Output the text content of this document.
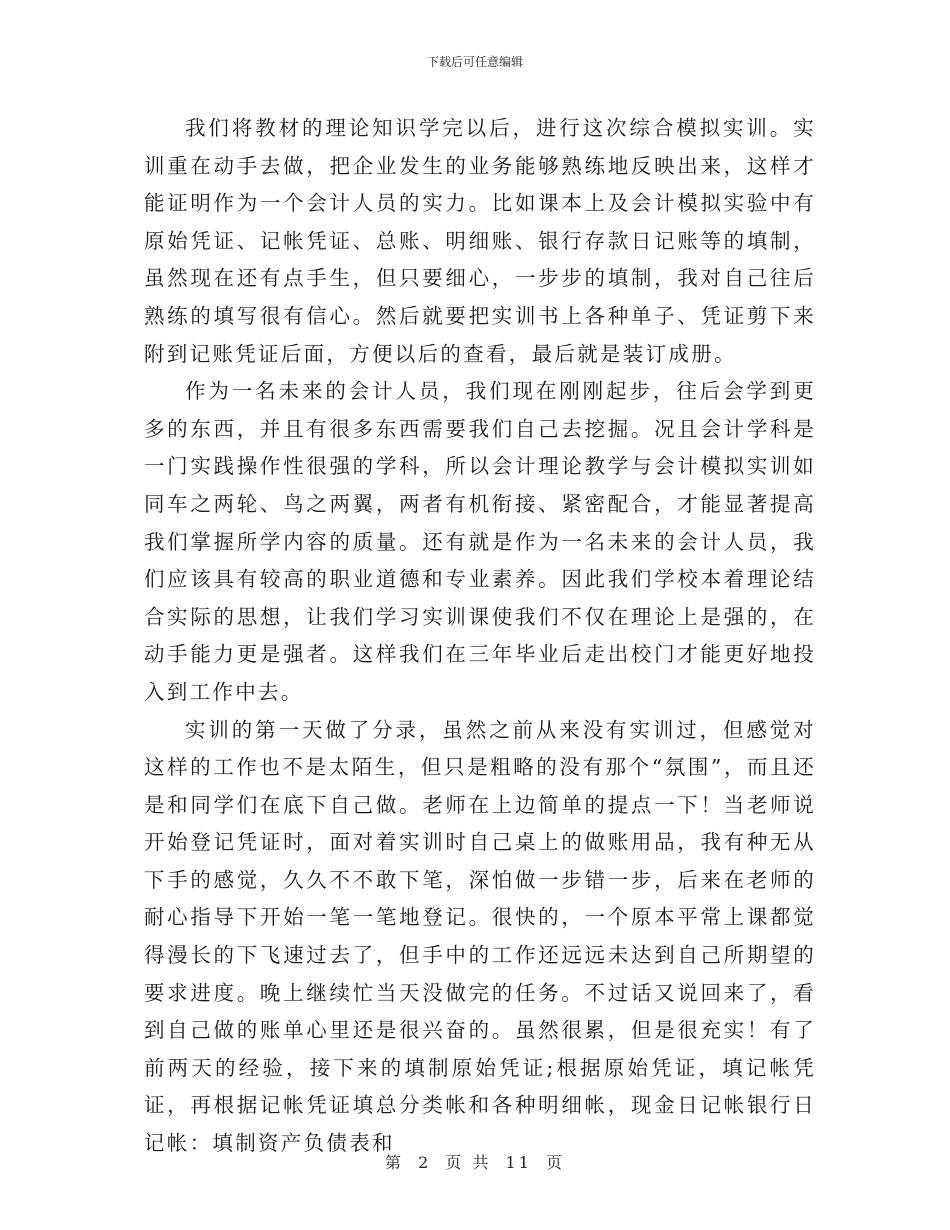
下载后可任意编辑

我们将教材的理论知识学完以后，进行这次综合模拟实训。实训重在动手去做，把企业发生的业务能够熟练地反映出来，这样才能证明作为一个会计人员的实力。比如课本上及会计模拟实验中有原始凭证、记帐凭证、总账、明细账、银行存款日记账等的填制，虽然现在还有点手生，但只要细心，一步步的填制，我对自己往后熟练的填写很有信心。然后就要把实训书上各种单子、凭证剪下来附到记账凭证后面，方便以后的查看，最后就是装订成册。

作为一名未来的会计人员，我们现在刚刚起步，往后会学到更多的东西，并且有很多东西需要我们自己去挖掘。况且会计学科是一门实践操作性很强的学科，所以会计理论教学与会计模拟实训如同车之两轮、鸟之两翼，两者有机衔接、紧密配合，才能显著提高我们掌握所学内容的质量。还有就是作为一名未来的会计人员，我们应该具有较高的职业道德和专业素养。因此我们学校本着理论结合实际的思想，让我们学习实训课使我们不仅在理论上是强的，在动手能力更是强者。这样我们在三年毕业后走出校门才能更好地投入到工作中去。

实训的第一天做了分录，虽然之前从来没有实训过，但感觉对这样的工作也不是太陌生，但只是粗略的没有那个“氛围”，而且还是和同学们在底下自己做。老师在上边简单的提点一下！当老师说开始登记凭证时，面对着实训时自己桌上的做账用品，我有种无从下手的感觉，久久不不敢下笔，深怕做一步错一步，后来在老师的耐心指导下开始一笔一笔地登记。很快的，一个原本平常上课都觉得漫长的下飞速过去了，但手中的工作还远远未达到自己所期望的要求进度。晚上继续忙当天没做完的任务。不过话又说回来了，看到自己做的账单心里还是很兴奋的。虽然很累，但是很充实！有了前两天的经验，接下来的填制原始凭证;根据原始凭证，填记帐凭证，再根据记帐凭证填总分类帐和各种明细帐，现金日记帐银行日记帐：填制资产负债表和

第 2 页 共 11 页
